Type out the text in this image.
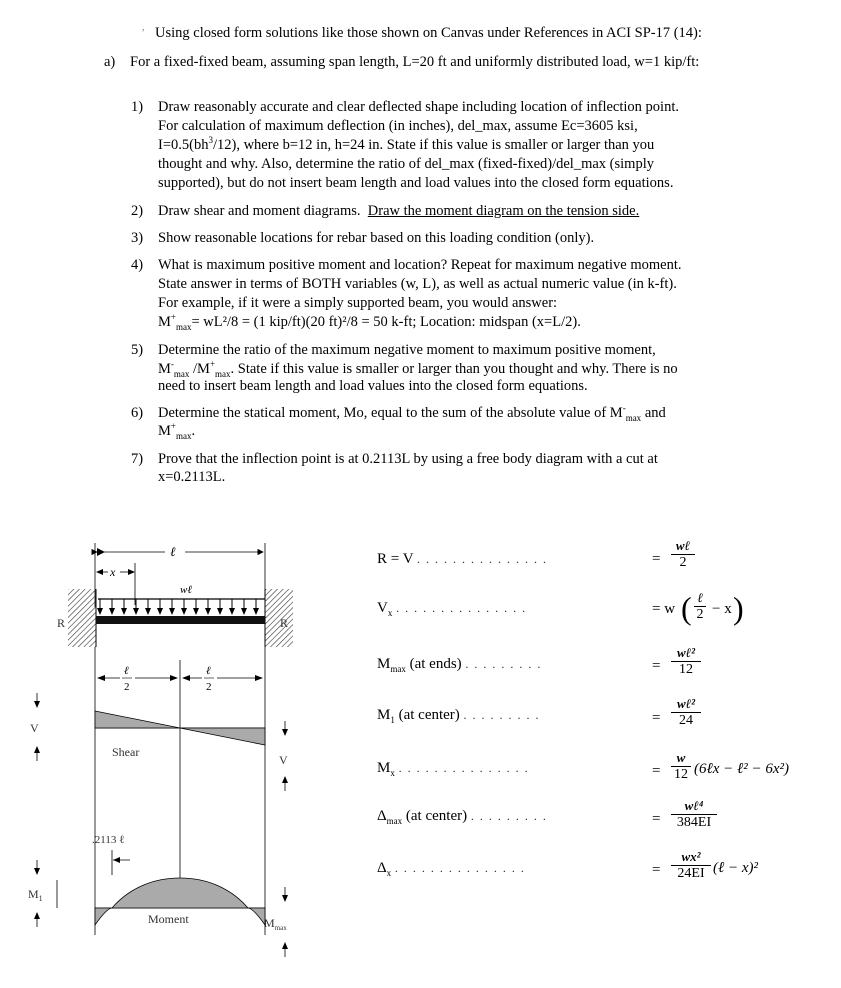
, Using closed form solutions like those shown on Canvas under References in ACI SP-17 (14):
a) For a fixed-fixed beam, assuming span length, L=20 ft and uniformly distributed load, w=1 kip/ft:
1) Draw reasonably accurate and clear deflected shape including location of inflection point.
For calculation of maximum deflection (in inches), del_max, assume Ec=3605 ksi,
$I=0.5(bh^3/12)$, where b=12 in, h=24 in. State if this value is smaller or larger than you
thought and why. Also, determine the ratio of del_max (fixed-fixed)/del_max (simply
supported), but do not insert beam length and load values into the closed form equations.
2) Draw shear and moment diagrams. Draw the moment diagram on the tension side.
3) Show reasonable locations for rebar based on this loading condition (only).
4) What is maximum positive moment and location? Repeat for maximum negative moment.
State answer in terms of BOTH variables (w, L), as well as actual numeric value (in k-ft).
For example, if it were a simply supported beam, you would answer:
$M^+_{max}= wL^2/8 = (1$ kip/ft)(20 ft)²/8 = 50 k-ft; Location: midspan (x=L/2).
5) Determine the ratio of the maximum negative moment to maximum positive moment,
$M^-_{max}$ $/M^+_{max}$. State if this value is smaller or larger than you thought and why. There is no
need to insert beam length and load values into the closed form equations.
6) Determine the statical moment, Mo, equal to the sum of the absolute value of $M^-_{max}$ and
$M^+_{max}$.
7) Prove that the inflection point is at 0.2113L by using a free body diagram with a cut at
x=0.2113L.
ℓ
x
wℓ
R	R
ℓ
2
ℓ
2
Shear
V
V
.2113 ℓ
Moment
$M_1$
$M_{max}$
R = V ...............	=
wℓ
2
$V_x$ ...............	= w ( ℓ
2 − x )
$M_{max}$ (at ends) .........	=
wℓ²
12
$M_1$ (at center) .........	=
wℓ²
24
$M_x$ ...............	= $\frac{w}{12}$ (6ℓx − ℓ² − 6x²)
$\Delta_{max}$ (at center) .........	=
wℓ⁴
384EI
$\Delta_x$ ...............	= $\frac{\text{wx²}}{24EI}$ (ℓ − x)²
